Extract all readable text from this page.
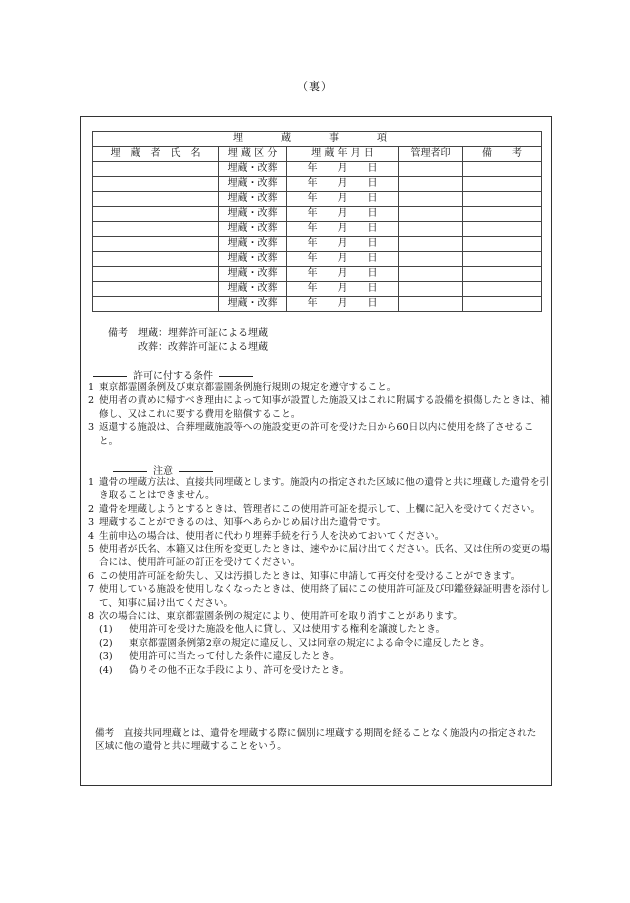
（裏）
埋　蔵　事　項				
埋　蔵　者　氏　名	埋 蔵 区 分	埋 蔵 年 月 日	管理者印	備　　考
	埋蔵・改葬	年　　月　　日		
	埋蔵・改葬	年　　月　　日		
	埋蔵・改葬	年　　月　　日		
	埋蔵・改葬	年　　月　　日		
	埋蔵・改葬	年　　月　　日		
	埋蔵・改葬	年　　月　　日		
	埋蔵・改葬	年　　月　　日		
	埋蔵・改葬	年　　月　　日		
	埋蔵・改葬	年　　月　　日		
	埋蔵・改葬	年　　月　　日		
備考	埋蔵：埋葬許可証による埋蔵
改葬：改葬許可証による埋蔵
許可に付する条件
1 東京都霊園条例及び東京都霊園条例施行規則の規定を遵守すること。
2 使用者の責めに帰すべき理由によって知事が設置した施設又はこれに附属する設備を損傷したときは、補修し、又はこれに要する費用を賠償すること。
3 返還する施設は、合葬埋蔵施設等への施設変更の許可を受けた日から60日以内に使用を終了させること。
注意
1 遺骨の埋蔵方法は、直接共同埋蔵とします。施設内の指定された区域に他の遺骨と共に埋蔵した遺骨を引き取ることはできません。
2 遺骨を埋蔵しようとするときは、管理者にこの使用許可証を提示して、上欄に記入を受けてください。
3 埋蔵することができるのは、知事へあらかじめ届け出た遺骨です。
4 生前申込の場合は、使用者に代わり埋葬手続を行う人を決めておいてください。
5 使用者が氏名、本籍又は住所を変更したときは、速やかに届け出てください。氏名、又は住所の変更の場合には、使用許可証の訂正を受けてください。
6 この使用許可証を紛失し、又は汚損したときは、知事に申請して再交付を受けることができます。
7 使用している施設を使用しなくなったときは、使用終了届にこの使用許可証及び印鑑登録証明書を添付して、知事に届け出てください。
8 次の場合には、東京都霊園条例の規定により、使用許可を取り消すことがあります。
(1)	使用許可を受けた施設を他人に貸し、又は使用する権利を譲渡したとき。
(2)	東京都霊園条例第2章の規定に違反し、又は同章の規定による命令に違反したとき。
(3)	使用許可に当たって付した条件に違反したとき。
(4)	偽りその他不正な手段により、許可を受けたとき。
備考　 直接共同埋蔵とは、遺骨を埋蔵する際に個別に埋蔵する期間を経ることなく施設内の指定された区域に他の遺骨と共に埋蔵することをいう。
